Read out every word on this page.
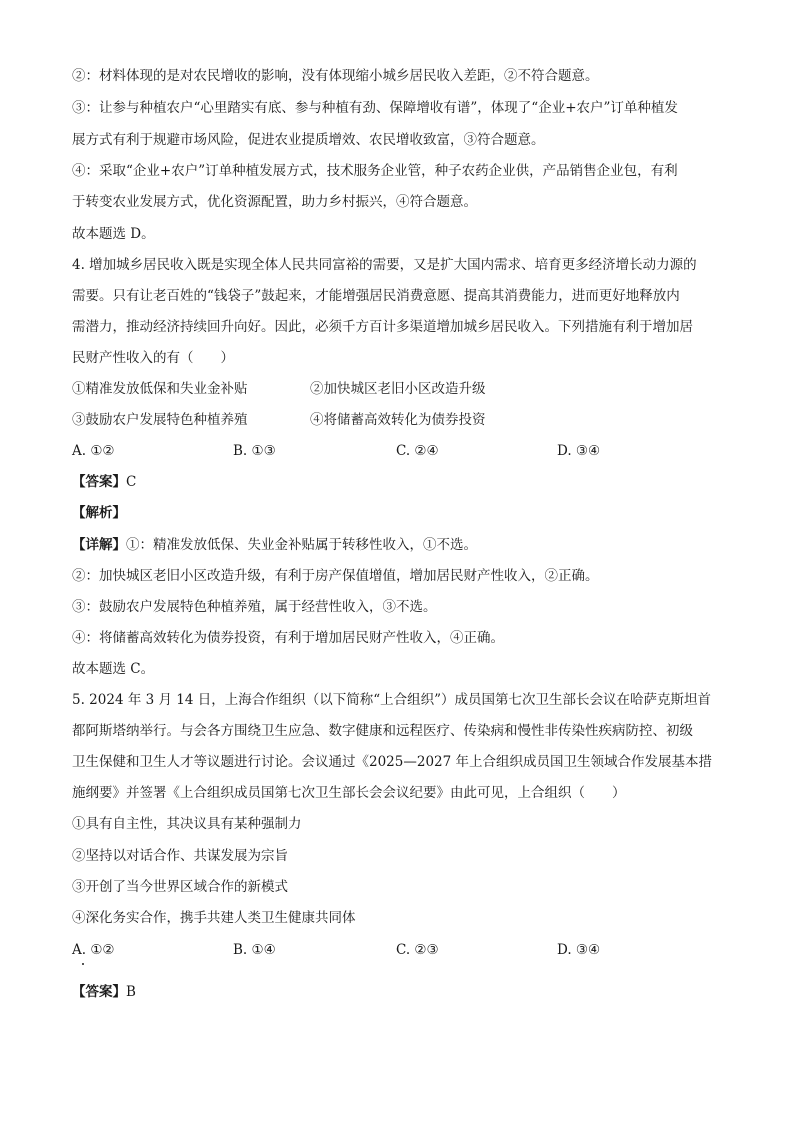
②：材料体现的是对农民增收的影响，没有体现缩小城乡居民收入差距，②不符合题意。
③：让参与种植农户“心里踏实有底、参与种植有劲、保障增收有谱”，体现了“企业+农户”订单种植发
展方式有利于规避市场风险，促进农业提质增效、农民增收致富，③符合题意。
④：采取“企业+农户”订单种植发展方式，技术服务企业管，种子农药企业供，产品销售企业包，有利
于转变农业发展方式，优化资源配置，助力乡村振兴，④符合题意。
故本题选 D。
4. 增加城乡居民收入既是实现全体人民共同富裕的需要，又是扩大国内需求、培育更多经济增长动力源的
需要。只有让老百姓的“钱袋子”鼓起来，才能增强居民消费意愿、提高其消费能力，进而更好地释放内
需潜力，推动经济持续回升向好。因此，必须千方百计多渠道增加城乡居民收入。下列措施有利于增加居
民财产性收入的有（　　）
①精准发放低保和失业金补贴	②加快城区老旧小区改造升级
③鼓励农户发展特色种植养殖	④将储蓄高效转化为债券投资
A. ①②	B. ①③	C. ②④	D. ③④
【答案】C
【解析】
【详解】①：精准发放低保、失业金补贴属于转移性收入，①不选。
②：加快城区老旧小区改造升级，有利于房产保值增值，增加居民财产性收入，②正确。
③：鼓励农户发展特色种植养殖，属于经营性收入，③不选。
④：将储蓄高效转化为债券投资，有利于增加居民财产性收入，④正确。
故本题选 C。
5. 2024 年 3 月 14 日，上海合作组织（以下简称“上合组织”）成员国第七次卫生部长会议在哈萨克斯坦首
都阿斯塔纳举行。与会各方围绕卫生应急、数字健康和远程医疗、传染病和慢性非传染性疾病防控、初级
卫生保健和卫生人才等议题进行讨论。会议通过《2025—2027 年上合组织成员国卫生领域合作发展基本措
施纲要》并签署《上合组织成员国第七次卫生部长会会议纪要》由此可见，上合组织（　　）
①具有自主性，其决议具有某种强制力
②坚持以对话合作、共谋发展为宗旨
③开创了当今世界区域合作的新模式
④深化务实合作，携手共建人类卫生健康共同体
A. ①②	B. ①④	C. ②③	D. ③④
【答案】B
